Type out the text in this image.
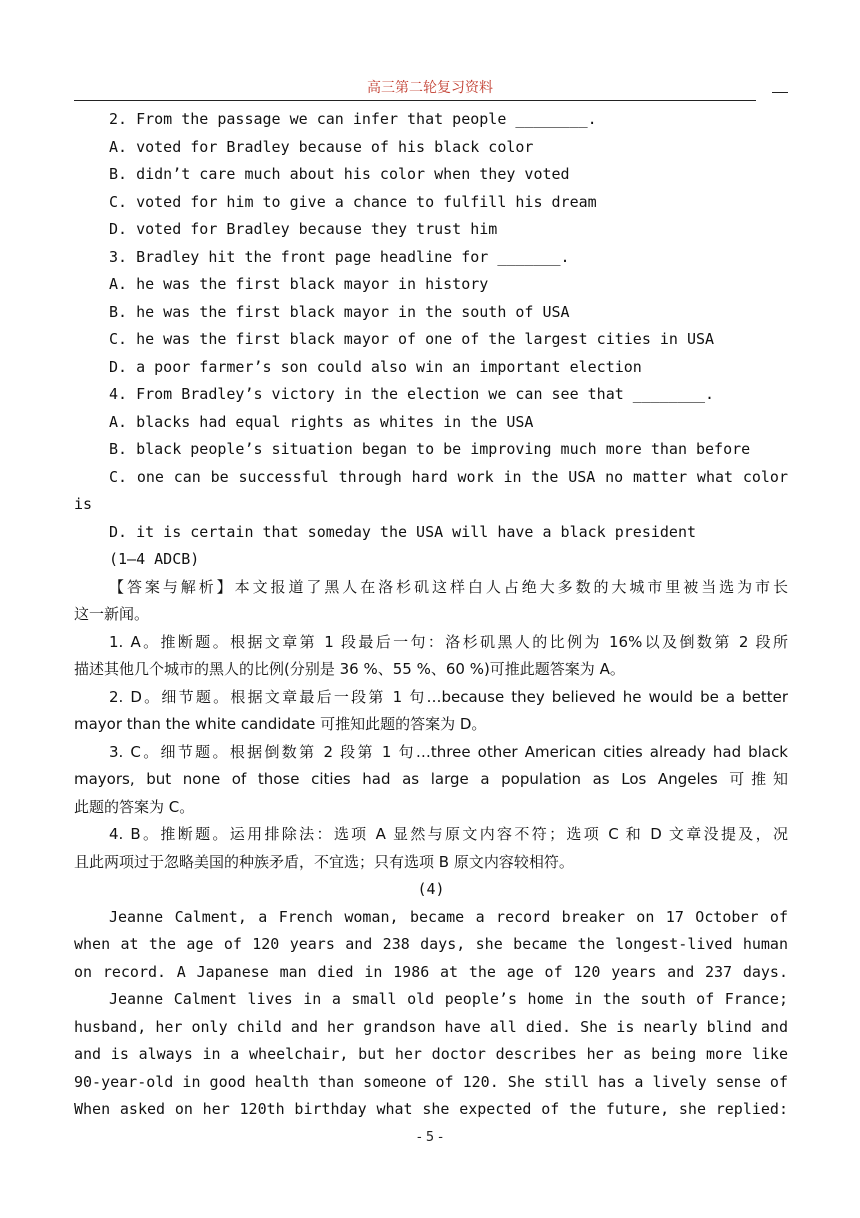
高三第二轮复习资料
2. From the passage we can infer that people ________.
A. voted for Bradley because of his black color
B. didn’t care much about his color when they voted
C. voted for him to give a chance to fulfill his dream
D. voted for Bradley because they trust him
3. Bradley hit the front page headline for _______.
A. he was the first black mayor in history
B. he was the first black mayor in the south of USA
C. he was the first black mayor of one of the largest cities in USA
D. a poor farmer’s son could also win an important election
4. From Bradley’s victory in the election we can see that ________.
A. blacks had equal rights as whites in the USA
B. black people’s situation began to be improving much more than before
C. one can be successful through hard work in the USA no matter what color
is
D. it is certain that someday the USA will have a black president
(1—4 ADCB)
【答案与解析】本文报道了黑人在洛杉矶这样白人占绝大多数的大城市里被当选为市长
这一新闻。
1. A。推断题。根据文章第 1 段最后一句：洛杉矶黑人的比例为 16%以及倒数第 2 段所
描述其他几个城市的黑人的比例(分别是 36 %、55 %、60 %)可推此题答案为 A。
2. D。细节题。根据文章最后一段第 1 句…because they believed he would be a better
mayor than the white candidate 可推知此题的答案为 D。
3. C。细节题。根据倒数第 2 段第 1 句…three other American cities already had black
mayors, but none of those cities had as large a population as Los Angeles 可推知
此题的答案为 C。
4. B。推断题。运用排除法：选项 A 显然与原文内容不符；选项 C 和 D 文章没提及，况
且此两项过于忽略美国的种族矛盾，不宜选；只有选项 B 原文内容较相符。
(4)
Jeanne Calment, a French woman, became a record breaker on 17 October of
when at the age of 120 years and 238 days, she became the longest-lived human
on record. A Japanese man died in 1986 at the age of 120 years and 237 days.
Jeanne Calment lives in a small old people’s home in the south of France;
husband, her only child and her grandson have all died. She is nearly blind and
and is always in a wheelchair, but her doctor describes her as being more like
90-year-old in good health than someone of 120. She still has a lively sense of
When asked on her 120th birthday what she expected of the future, she replied:
- 5 -
